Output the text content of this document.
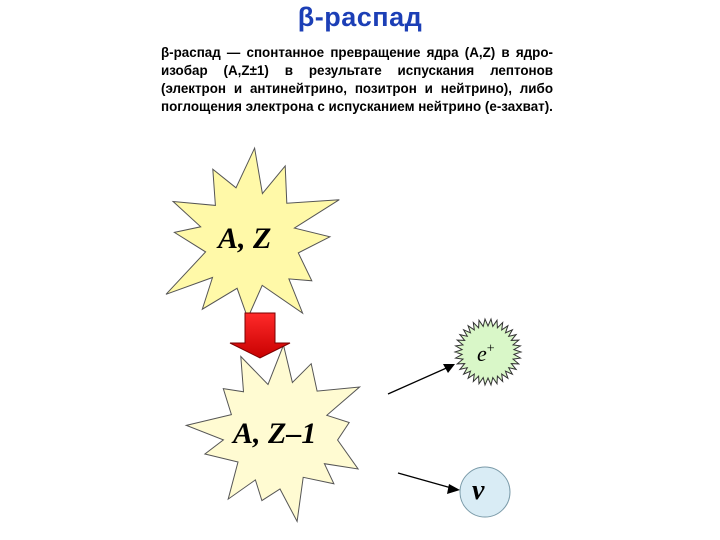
β-распад
β-распад — спонтанное превращение ядра (A,Z) в ядро-изобар (A,Z±1) в результате испускания лептонов (электрон и антинейтрино, позитрон и нейтрино), либо поглощения электрона с испусканием нейтрино (е-захват).
A, Z
A, Z–1
e+
ν
